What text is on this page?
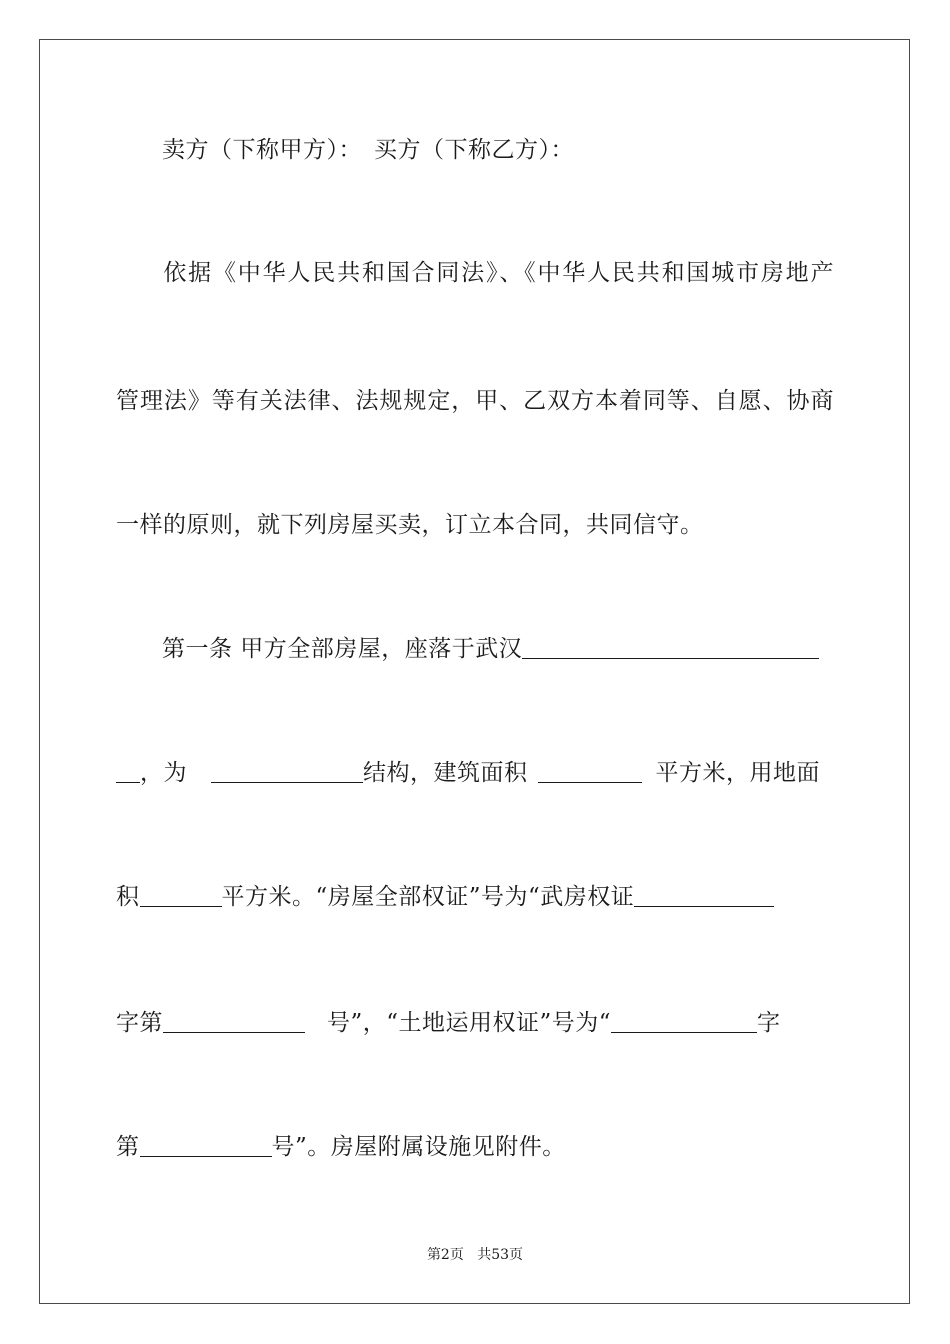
卖方（下称甲方）： 买方（下称乙方）：
依据《中华人民共和国合同法》、《中华人民共和国城市房地产
管理法》等有关法律、法规规定，甲、乙双方本着同等、自愿、协商
一样的原则，就下列房屋买卖，订立本合同，共同信守。
第一条 甲方全部房屋，座落于武汉
，为	结构，建筑面积	平方米，用地面
积	平方米。“房屋全部权证”号为“武房权证
字第	号”，“土地运用权证”号为“	字
第	号”。房屋附属设施见附件。
第2页 共53页
